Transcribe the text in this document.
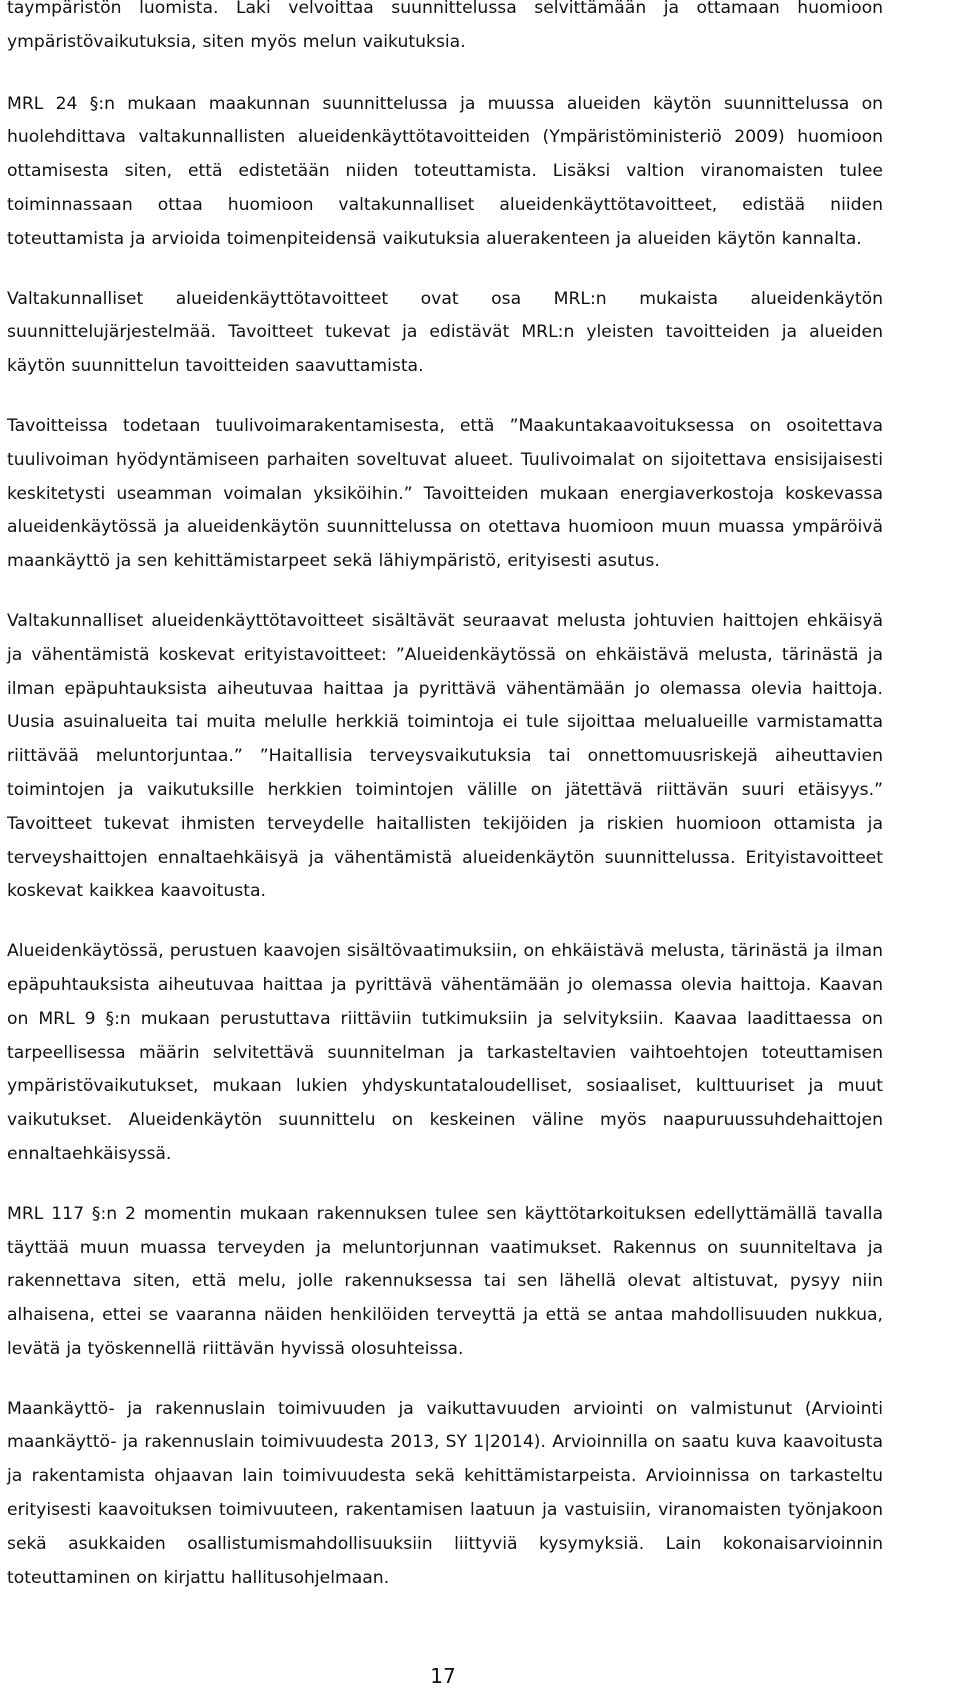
taympäristön luomista. Laki velvoittaa suunnittelussa selvittämään ja ottamaan huomioon ympäristövaikutuksia, siten myös melun vaikutuksia.

MRL 24 §:n mukaan maakunnan suunnittelussa ja muussa alueiden käytön suunnittelussa on huolehdittava valtakunnallisten alueidenkäyttötavoitteiden (Ympäristöministeriö 2009) huomioon ottamisesta siten, että edistetään niiden toteuttamista. Lisäksi valtion viranomaisten tulee toiminnassaan ottaa huomioon valtakunnalliset alueidenkäyttötavoitteet, edistää niiden toteuttamista ja arvioida toimenpiteidensä vaikutuksia aluerakenteen ja alueiden käytön kannalta.

Valtakunnalliset alueidenkäyttötavoitteet ovat osa MRL:n mukaista alueidenkäytön suunnittelujärjestelmää. Tavoitteet tukevat ja edistävät MRL:n yleisten tavoitteiden ja alueiden käytön suunnittelun tavoitteiden saavuttamista.

Tavoitteissa todetaan tuulivoimarakentamisesta, että ”Maakuntakaavoituksessa on osoitettava tuulivoiman hyödyntämiseen parhaiten soveltuvat alueet. Tuulivoimalat on sijoitettava ensisijaisesti keskitetysti useamman voimalan yksiköihin.” Tavoitteiden mukaan energiaverkostoja koskevassa alueidenkäytössä ja alueidenkäytön suunnittelussa on otettava huomioon muun muassa ympäröivä maankäyttö ja sen kehittämistarpeet sekä lähiympäristö, erityisesti asutus.

Valtakunnalliset alueidenkäyttötavoitteet sisältävät seuraavat melusta johtuvien haittojen ehkäisyä ja vähentämistä koskevat erityistavoitteet: ”Alueidenkäytössä on ehkäistävä melusta, tärinästä ja ilman epäpuhtauksista aiheutuvaa haittaa ja pyrittävä vähentämään jo olemassa olevia haittoja. Uusia asuinalueita tai muita melulle herkkiä toimintoja ei tule sijoittaa melualueille varmistamatta riittävää meluntorjuntaa.” ”Haitallisia terveysvaikutuksia tai onnettomuusriskejä aiheuttavien toimintojen ja vaikutuksille herkkien toimintojen välille on jätettävä riittävän suuri etäisyys.” Tavoitteet tukevat ihmisten terveydelle haitallisten tekijöiden ja riskien huomioon ottamista ja terveyshaittojen ennaltaehkäisyä ja vähentämistä alueidenkäytön suunnittelussa. Erityistavoitteet koskevat kaikkea kaavoitusta.

Alueidenkäytössä, perustuen kaavojen sisältövaatimuksiin, on ehkäistävä melusta, tärinästä ja ilman epäpuhtauksista aiheutuvaa haittaa ja pyrittävä vähentämään jo olemassa olevia haittoja. Kaavan on MRL 9 §:n mukaan perustuttava riittäviin tutkimuksiin ja selvityksiin. Kaavaa laadittaessa on tarpeellisessa määrin selvitettävä suunnitelman ja tarkasteltavien vaihtoehtojen toteuttamisen ympäristövaikutukset, mukaan lukien yhdyskuntataloudelliset, sosiaaliset, kulttuuriset ja muut vaikutukset. Alueidenkäytön suunnittelu on keskeinen väline myös naapuruussuhdehaittojen ennaltaehkäisyssä.

MRL 117 §:n 2 momentin mukaan rakennuksen tulee sen käyttötarkoituksen edellyttämällä tavalla täyttää muun muassa terveyden ja meluntorjunnan vaatimukset. Rakennus on suunniteltava ja rakennettava siten, että melu, jolle rakennuksessa tai sen lähellä olevat altistuvat, pysyy niin alhaisena, ettei se vaaranna näiden henkilöiden terveyttä ja että se antaa mahdollisuuden nukkua, levätä ja työskennellä riittävän hyvissä olosuhteissa.

Maankäyttö- ja rakennuslain toimivuuden ja vaikuttavuuden arviointi on valmistunut (Arviointi maankäyttö- ja rakennuslain toimivuudesta 2013, SY 1|2014). Arvioinnilla on saatu kuva kaavoitusta ja rakentamista ohjaavan lain toimivuudesta sekä kehittämistarpeista. Arvioinnissa on tarkasteltu erityisesti kaavoituksen toimivuuteen, rakentamisen laatuun ja vastuisiin, viranomaisten työnjakoon sekä asukkaiden osallistumismahdollisuuksiin liittyviä kysymyksiä. Lain kokonaisarvioinnin toteuttaminen on kirjattu hallitusohjelmaan.

17
